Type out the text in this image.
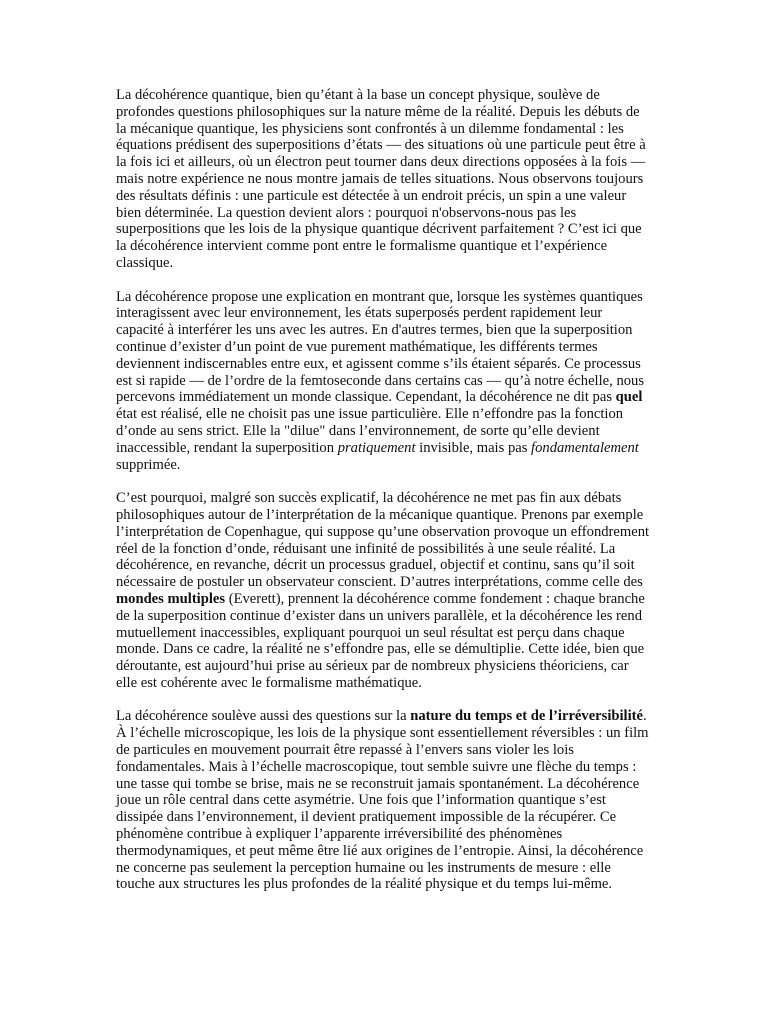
La décohérence quantique, bien qu’étant à la base un concept physique, soulève de profondes questions philosophiques sur la nature même de la réalité. Depuis les débuts de la mécanique quantique, les physiciens sont confrontés à un dilemme fondamental : les équations prédisent des superpositions d’états — des situations où une particule peut être à la fois ici et ailleurs, où un électron peut tourner dans deux directions opposées à la fois — mais notre expérience ne nous montre jamais de telles situations. Nous observons toujours des résultats définis : une particule est détectée à un endroit précis, un spin a une valeur bien déterminée. La question devient alors : pourquoi n'observons-nous pas les superpositions que les lois de la physique quantique décrivent parfaitement ? C’est ici que la décohérence intervient comme pont entre le formalisme quantique et l’expérience classique.

La décohérence propose une explication en montrant que, lorsque les systèmes quantiques interagissent avec leur environnement, les états superposés perdent rapidement leur capacité à interférer les uns avec les autres. En d'autres termes, bien que la superposition continue d’exister d’un point de vue purement mathématique, les différents termes deviennent indiscernables entre eux, et agissent comme s’ils étaient séparés. Ce processus est si rapide — de l’ordre de la femtoseconde dans certains cas — qu’à notre échelle, nous percevons immédiatement un monde classique. Cependant, la décohérence ne dit pas quel état est réalisé, elle ne choisit pas une issue particulière. Elle n’effondre pas la fonction d’onde au sens strict. Elle la "dilue" dans l’environnement, de sorte qu’elle devient inaccessible, rendant la superposition pratiquement invisible, mais pas fondamentalement supprimée.

C’est pourquoi, malgré son succès explicatif, la décohérence ne met pas fin aux débats philosophiques autour de l’interprétation de la mécanique quantique. Prenons par exemple l’interprétation de Copenhague, qui suppose qu’une observation provoque un effondrement réel de la fonction d’onde, réduisant une infinité de possibilités à une seule réalité. La décohérence, en revanche, décrit un processus graduel, objectif et continu, sans qu’il soit nécessaire de postuler un observateur conscient. D’autres interprétations, comme celle des mondes multiples (Everett), prennent la décohérence comme fondement : chaque branche de la superposition continue d’exister dans un univers parallèle, et la décohérence les rend mutuellement inaccessibles, expliquant pourquoi un seul résultat est perçu dans chaque monde. Dans ce cadre, la réalité ne s’effondre pas, elle se démultiplie. Cette idée, bien que déroutante, est aujourd’hui prise au sérieux par de nombreux physiciens théoriciens, car elle est cohérente avec le formalisme mathématique.

La décohérence soulève aussi des questions sur la nature du temps et de l’irréversibilité. À l’échelle microscopique, les lois de la physique sont essentiellement réversibles : un film de particules en mouvement pourrait être repassé à l’envers sans violer les lois fondamentales. Mais à l’échelle macroscopique, tout semble suivre une flèche du temps : une tasse qui tombe se brise, mais ne se reconstruit jamais spontanément. La décohérence joue un rôle central dans cette asymétrie. Une fois que l’information quantique s’est dissipée dans l’environnement, il devient pratiquement impossible de la récupérer. Ce phénomène contribue à expliquer l’apparente irréversibilité des phénomènes thermodynamiques, et peut même être lié aux origines de l’entropie. Ainsi, la décohérence ne concerne pas seulement la perception humaine ou les instruments de mesure : elle touche aux structures les plus profondes de la réalité physique et du temps lui-même.
